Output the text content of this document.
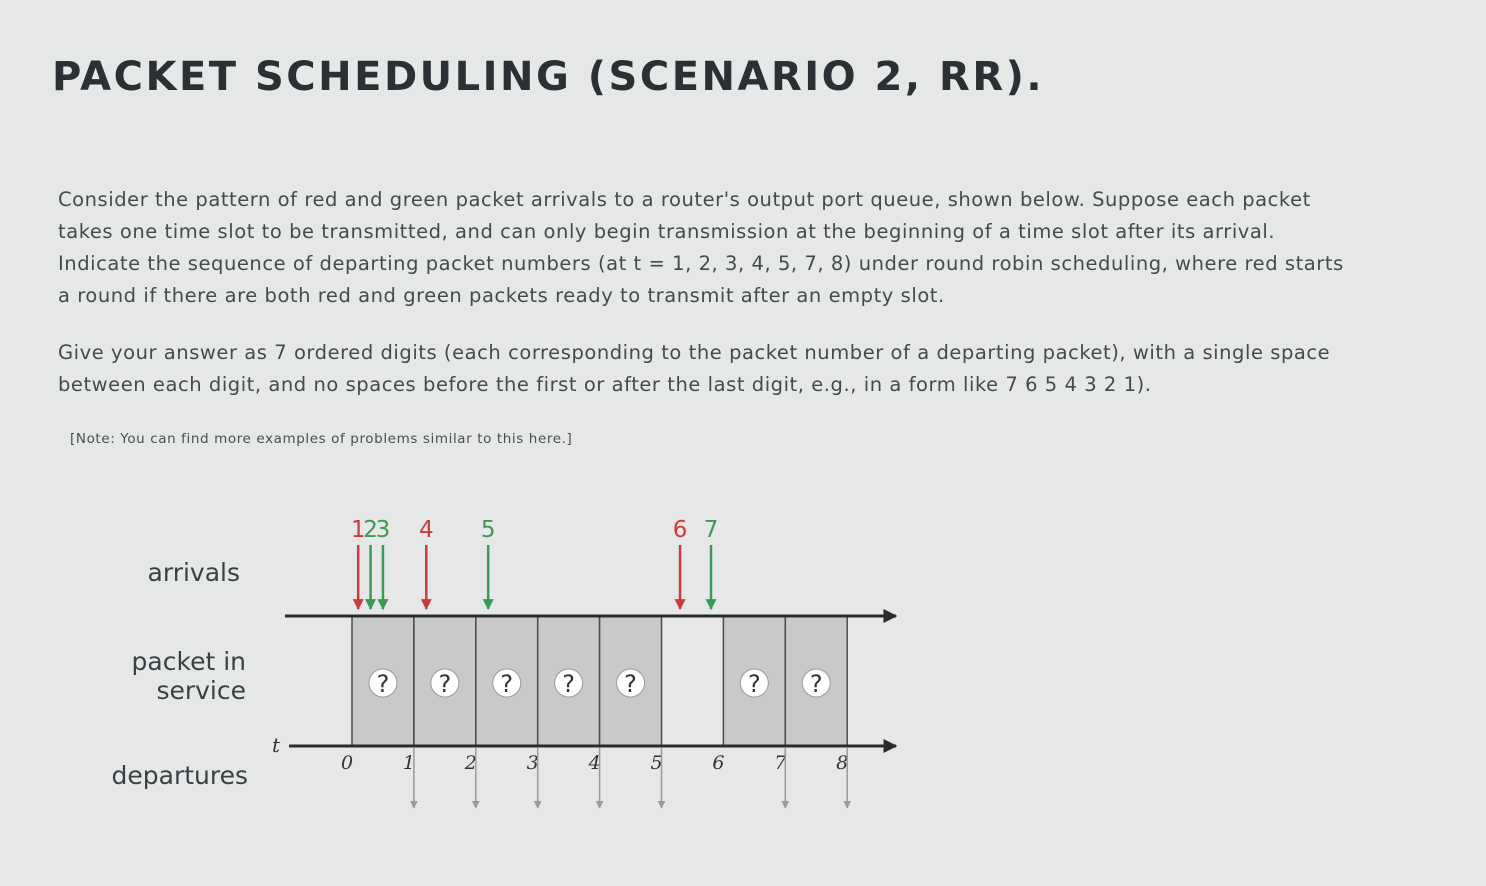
PACKET SCHEDULING (SCENARIO 2, RR).
Consider the pattern of red and green packet arrivals to a router's output port queue, shown below. Suppose each packet
takes one time slot to be transmitted, and can only begin transmission at the beginning of a time slot after its arrival.
Indicate the sequence of departing packet numbers (at t = 1, 2, 3, 4, 5, 7, 8) under round robin scheduling, where red starts
a round if there are both red and green packets ready to transmit after an empty slot.
Give your answer as 7 ordered digits (each corresponding to the packet number of a departing packet), with a single space
between each digit, and no spaces before the first or after the last digit, e.g., in a form like 7 6 5 4 3 2 1).
[Note: You can find more examples of problems similar to this here.]
arrivals
packet in
service
departures
? ? ? ? ?	? ?
t
1
2
3 4 5	6 7
0	1	2	3	4	5	6	7	8
